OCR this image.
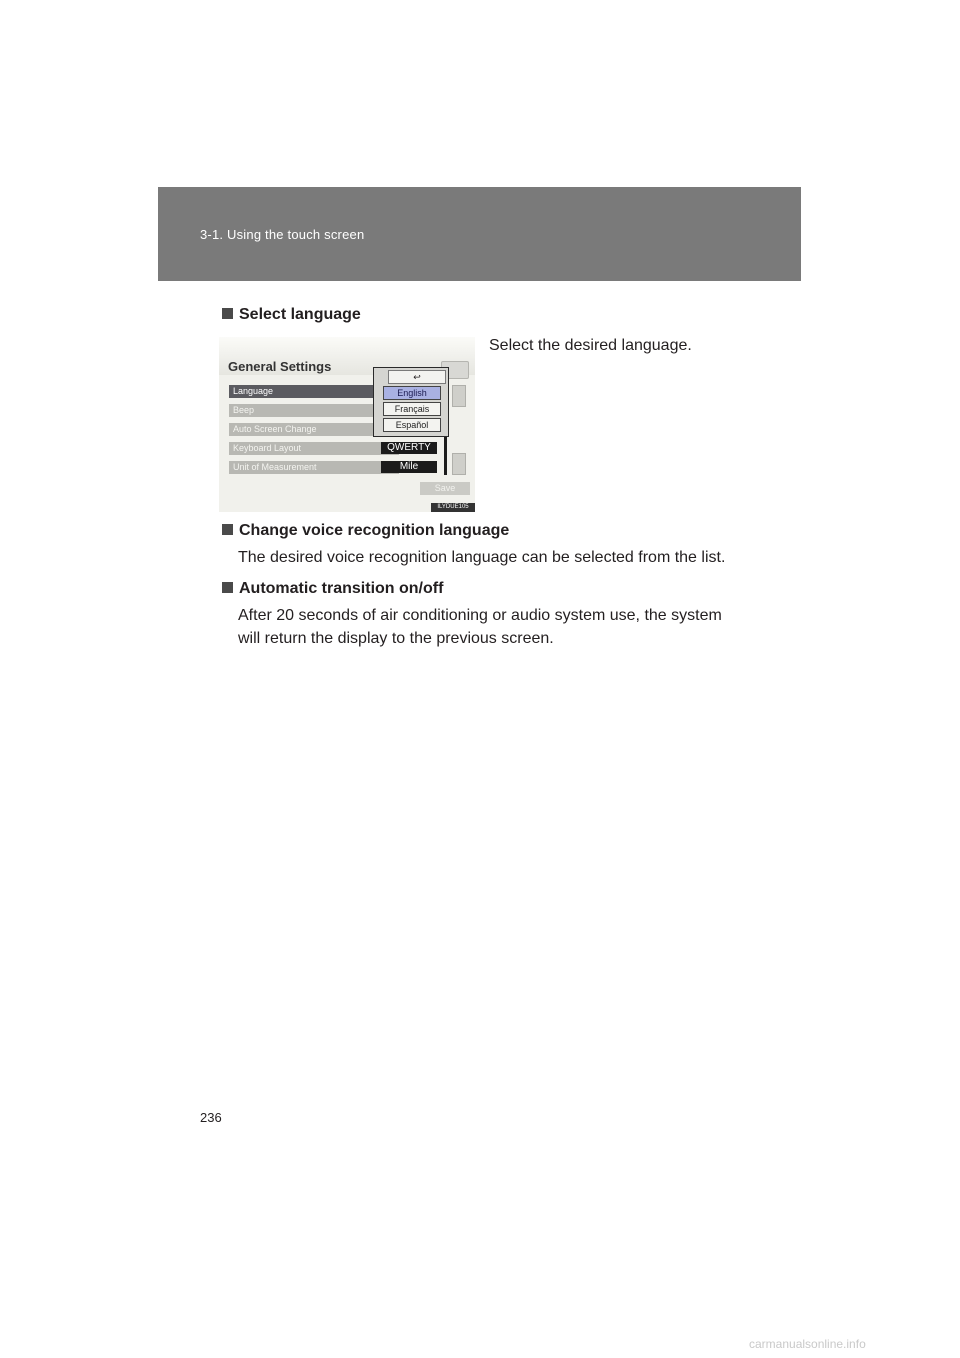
3-1. Using the touch screen
Select language
Select the desired language.
General Settings
Language
Beep
Auto Screen Change
Keyboard Layout
Unit of Measurement
QWERTY
Mile
↩
English
Français
Español
Save
ILYDUE105
Change voice recognition language
The desired voice recognition language can be selected from the list.
Automatic transition on/off
After 20 seconds of air conditioning or audio system use, the system
will return the display to the previous screen.
236
carmanualsonline.info
